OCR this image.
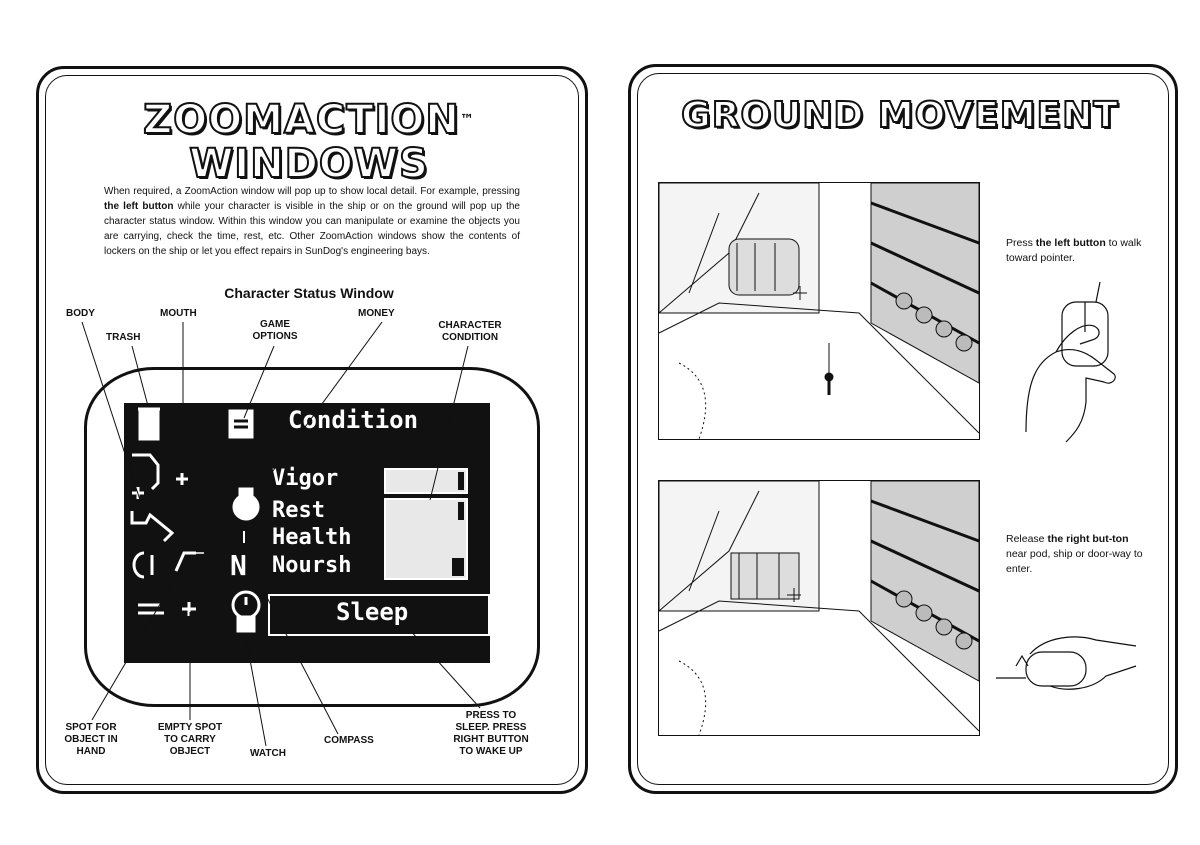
ZOOMACTION™
WINDOWS
When required, a ZoomAction window will pop up to show local detail. For example, pressing the left button while your character is visible in the ship or on the ground will pop up the character status window. Within this window you can manipulate or examine the objects you are carrying, check the time, rest, etc. Other ZoomAction windows show the contents of lockers on the ship or let you effect repairs in SunDog's engineering bays.
Character Status Window
BODY
TRASH
MOUTH
GAME OPTIONS
MONEY
CHARACTER CONDITION
SPOT FOR OBJECT IN HAND
EMPTY SPOT TO CARRY OBJECT	WATCH
COMPASS
PRESS TO SLEEP. PRESS RIGHT BUTTON TO WAKE UP
Condition
Vigor
Rest
Health
Noursh
Sleep
N
GROUND MOVEMENT
Press the left button to walk toward pointer.
Release the right but-ton near pod, ship or door-way to enter.
